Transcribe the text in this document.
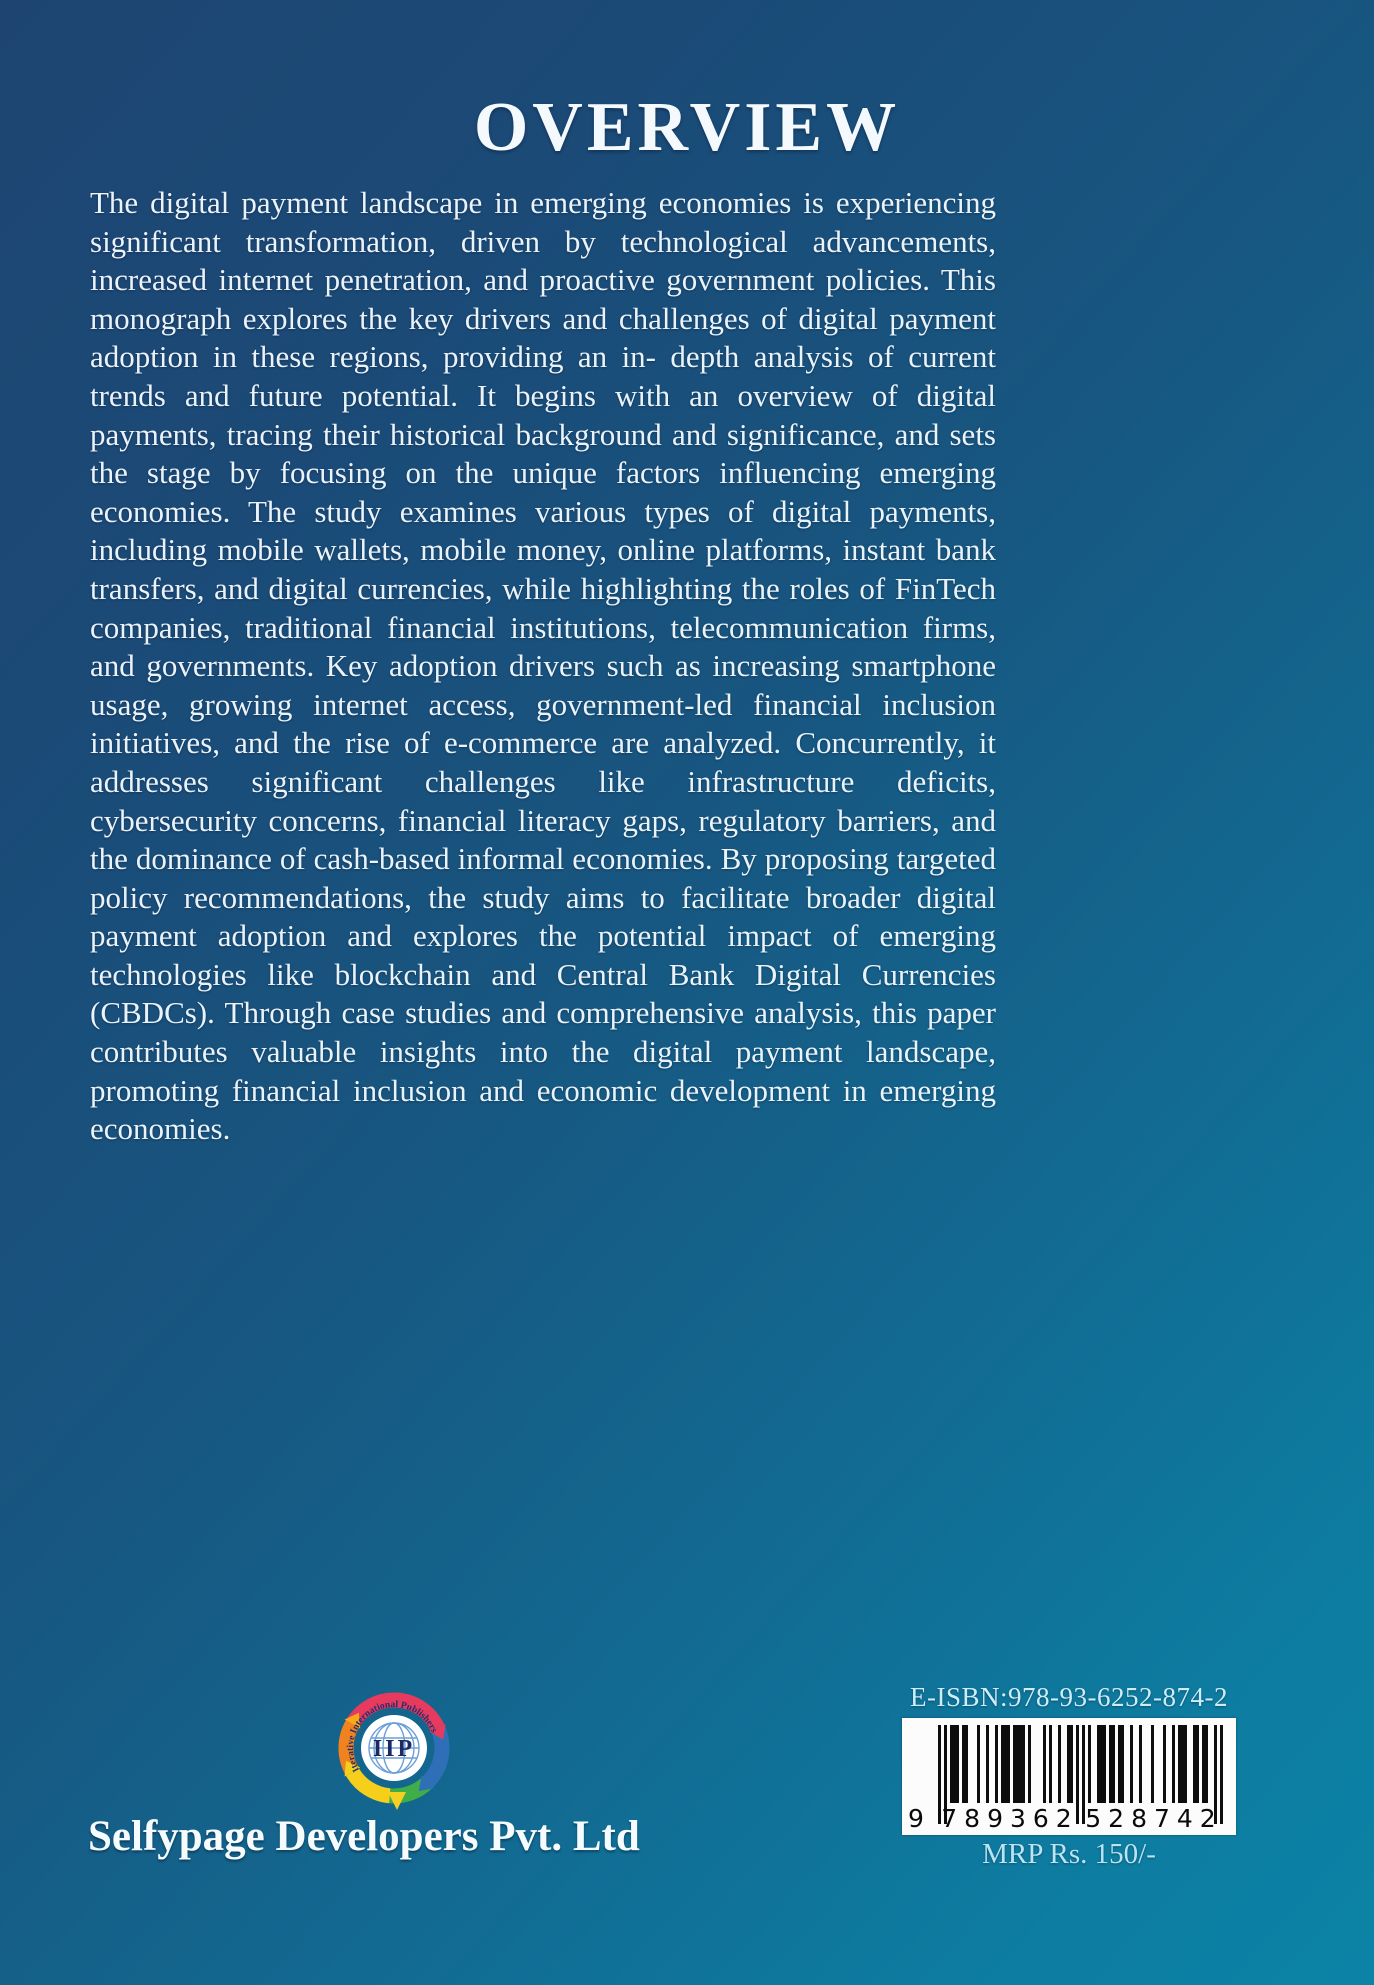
OVERVIEW
The digital payment landscape in emerging economies is experiencing significant transformation, driven by technological advancements, increased internet penetration, and proactive government policies. This monograph explores the key drivers and challenges of digital payment adoption in these regions, providing an in- depth analysis of current trends and future potential. It begins with an overview of digital payments, tracing their historical background and significance, and sets the stage by focusing on the unique factors influencing emerging economies. The study examines various types of digital payments, including mobile wallets, mobile money, online platforms, instant bank transfers, and digital currencies, while highlighting the roles of FinTech companies, traditional financial institutions, telecommunication firms, and governments. Key adoption drivers such as increasing smartphone usage, growing internet access, government-led financial inclusion initiatives, and the rise of e-commerce are analyzed. Concurrently, it addresses significant challenges like infrastructure deficits, cybersecurity concerns, financial literacy gaps, regulatory barriers, and the dominance of cash-based informal economies. By proposing targeted policy recommendations, the study aims to facilitate broader digital payment adoption and explores the potential impact of emerging technologies like blockchain and Central Bank Digital Currencies (CBDCs). Through case studies and comprehensive analysis, this paper contributes valuable insights into the digital payment landscape, promoting financial inclusion and economic development in emerging economies.
IIP
Iterative International Publishers
Selfypage Developers Pvt. Ltd
E-ISBN:978-93-6252-874-2
9 789362 528742
MRP Rs. 150/-
